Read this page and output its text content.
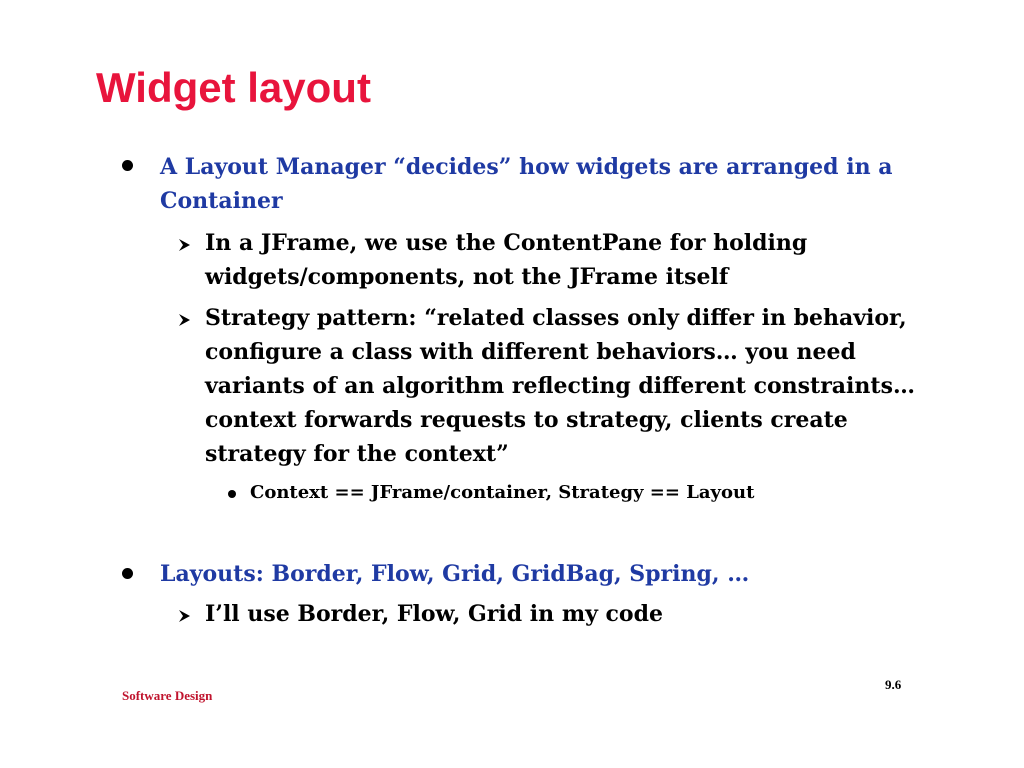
Widget layout
A Layout Manager “decides” how widgets are arranged in a Container
In a JFrame, we use the ContentPane for holding widgets/components, not the JFrame itself
Strategy pattern: “related classes only differ in behavior, configure a class with different behaviors… you need variants of an algorithm reflecting different constraints…context forwards requests to strategy, clients create strategy for the context”
Context == JFrame/container, Strategy == Layout
Layouts: Border, Flow, Grid, GridBag, Spring, …
I’ll use Border, Flow, Grid in my code
Software Design
9.6
